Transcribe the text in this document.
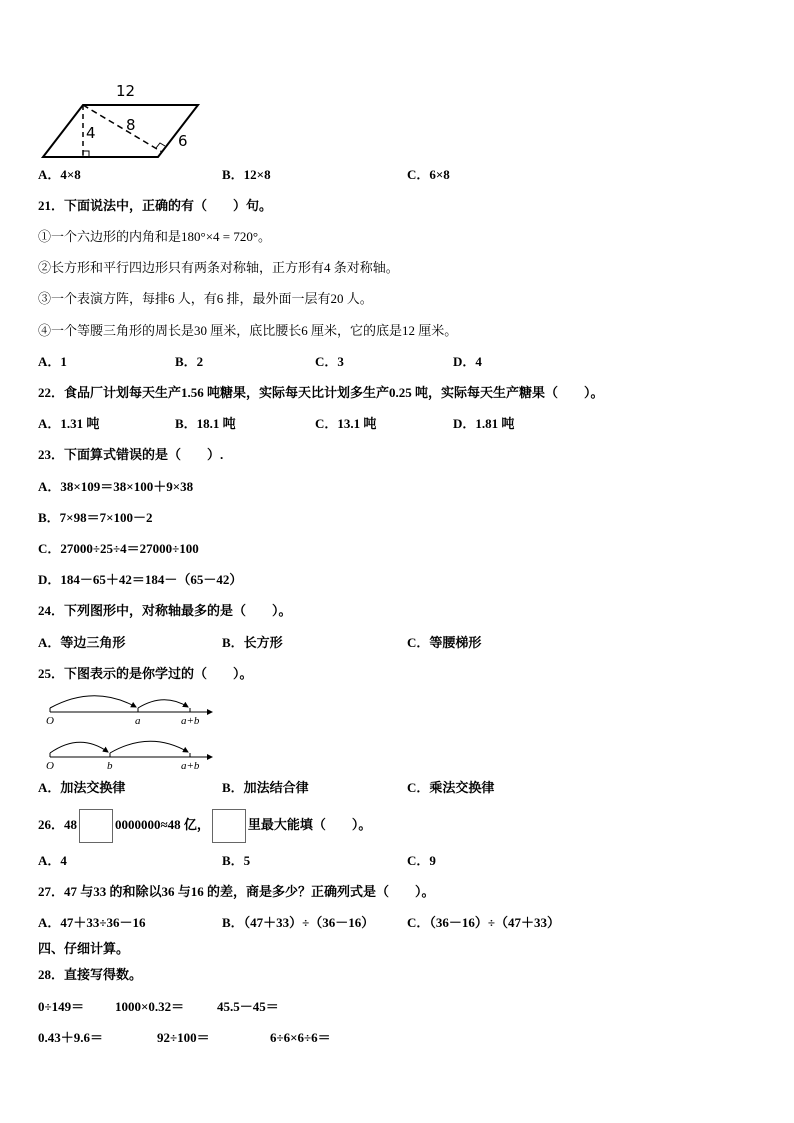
12
4 8
6
A．4×8	B．12×8	C．6×8
21．下面说法中，正确的有（　　）句。
①一个六边形的内角和是180°×4 = 720°。
②长方形和平行四边形只有两条对称轴，正方形有4 条对称轴。
③一个表演方阵，每排6 人，有6 排，最外面一层有20 人。
④一个等腰三角形的周长是30 厘米，底比腰长6 厘米，它的底是12 厘米。
A．1	B．2	C．3	D．4
22．食品厂计划每天生产1.56 吨糖果，实际每天比计划多生产0.25 吨，实际每天生产糖果（　　）。
A．1.31 吨	B．18.1 吨	C．13.1 吨	D．1.81 吨
23．下面算式错误的是（　　）.
A．38×109＝38×100＋9×38
B．7×98＝7×100－2
C．27000÷25÷4＝27000÷100
D．184－65＋42＝184－（65－42）
24．下列图形中，对称轴最多的是（　　）。
A．等边三角形	B．长方形	C．等腰梯形
25．下图表示的是你学过的（　　）。
O	a	a+b
O	b	a+b
A．加法交换律	B．加法结合律	C．乘法交换律
26．48	0000000≈48 亿，	里最大能填（　　）。
A．4	B．5	C．9
27．47 与33 的和除以36 与16 的差，商是多少？正确列式是（　　）。
A．47＋33÷36－16	B．（47＋33）÷（36－16）	C．（36－16）÷（47＋33）
四、仔细计算。
28．直接写得数。
0÷149＝ 1000×0.32＝	45.5－45＝
0.43＋9.6＝	92÷100＝	6÷6×6÷6＝
